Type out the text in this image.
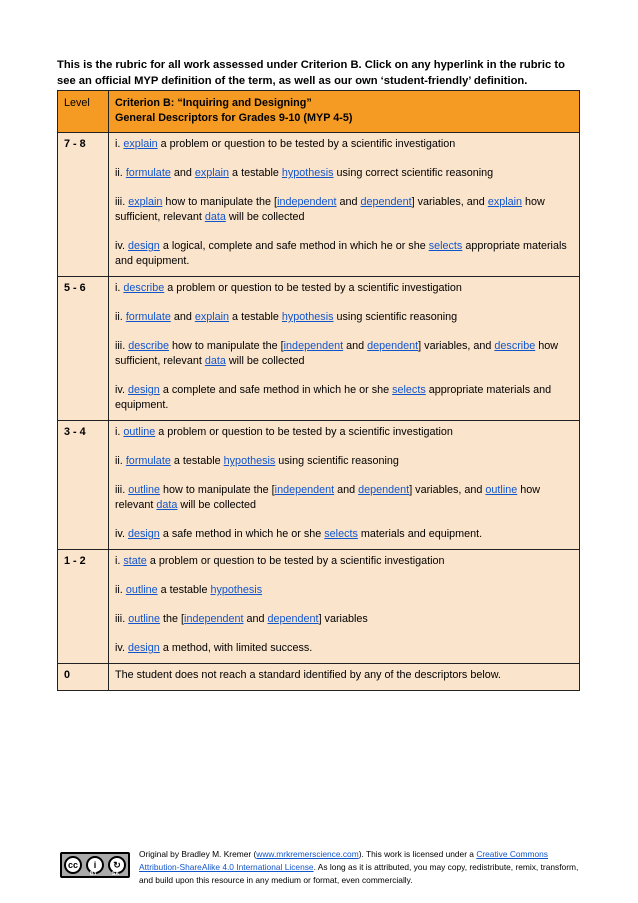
This is the rubric for all work assessed under Criterion B. Click on any hyperlink in the rubric to see an official MYP definition of the term, as well as our own ‘student-friendly’ definition.
Level	Criterion B: “Inquiring and Designing”
General Descriptors for Grades 9-10 (MYP 4-5)

7 - 8	i. explain a problem or question to be tested by a scientific investigation
ii. formulate and explain a testable hypothesis using correct scientific reasoning
iii. explain how to manipulate the [independent and dependent] variables, and explain how sufficient, relevant data will be collected
iv. design a logical, complete and safe method in which he or she selects appropriate materials and equipment.

5 - 6	i. describe a problem or question to be tested by a scientific investigation
ii. formulate and explain a testable hypothesis using scientific reasoning
iii. describe how to manipulate the [independent and dependent] variables, and describe how sufficient, relevant data will be collected
iv. design a complete and safe method in which he or she selects appropriate materials and equipment.

3 - 4	i. outline a problem or question to be tested by a scientific investigation
ii. formulate a testable hypothesis using scientific reasoning
iii. outline how to manipulate the [independent and dependent] variables, and outline how relevant data will be collected
iv. design a safe method in which he or she selects materials and equipment.

1 - 2	i. state a problem or question to be tested by a scientific investigation
ii. outline a testable hypothesis
iii. outline the [independent and dependent] variables
iv. design a method, with limited success.

0	The student does not reach a standard identified by any of the descriptors below.
cc	i	↻
BY	SA
Original by Bradley M. Kremer (www.mrkremerscience.com). This work is licensed under a Creative Commons Attribution-ShareAlike 4.0 International License. As long as it is attributed, you may copy, redistribute, remix, transform, and build upon this resource in any medium or format, even commercially.
